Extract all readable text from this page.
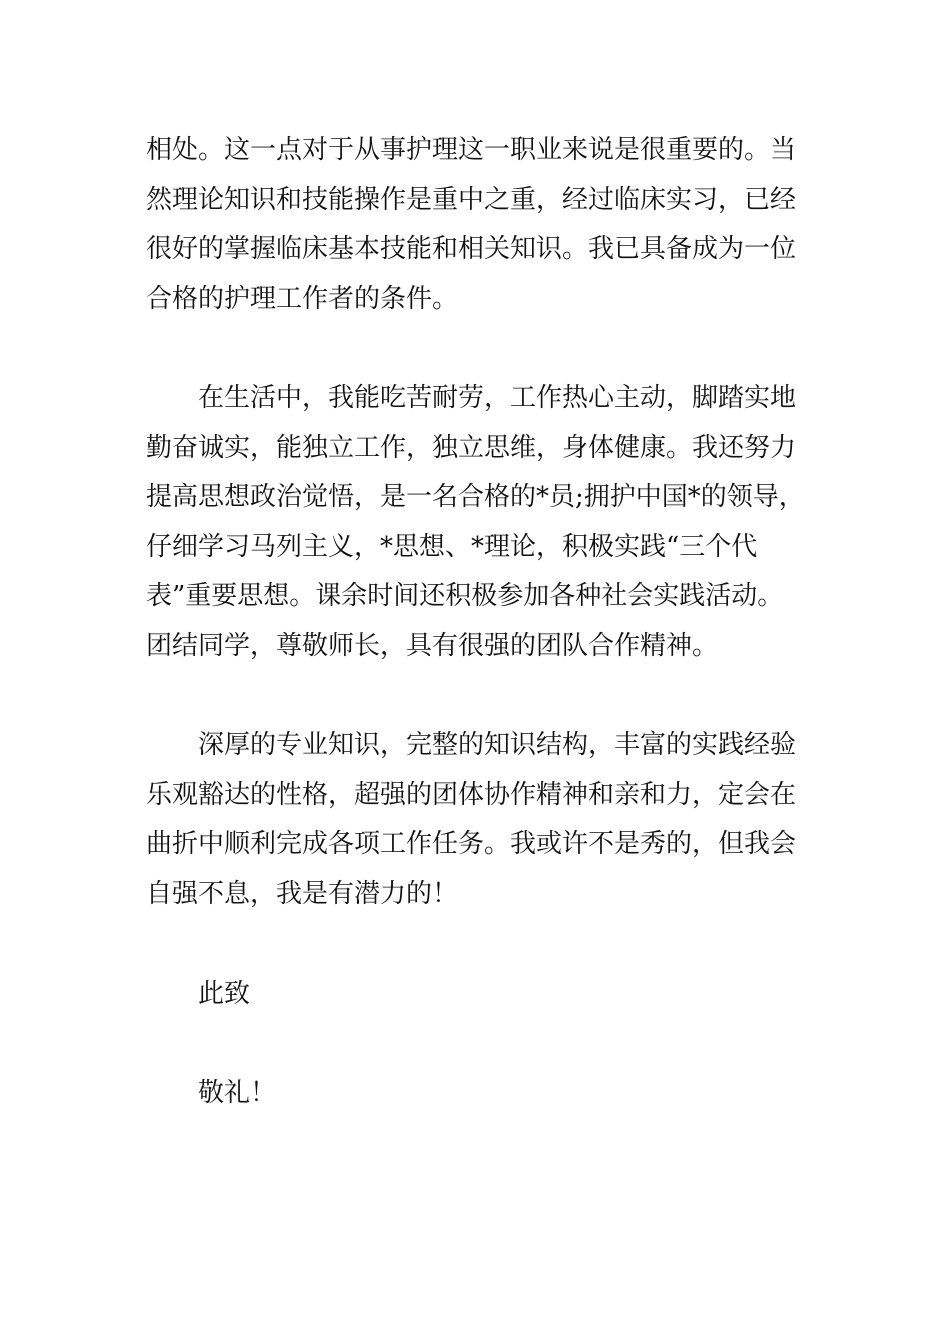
相处。这一点对于从事护理这一职业来说是很重要的。当
然理论知识和技能操作是重中之重，经过临床实习，已经
很好的掌握临床基本技能和相关知识。我已具备成为一位
合格的护理工作者的条件。
在生活中，我能吃苦耐劳，工作热心主动，脚踏实地
勤奋诚实，能独立工作，独立思维，身体健康。我还努力
提高思想政治觉悟，是一名合格的*员;拥护中国*的领导，
仔细学习马列主义，*思想、*理论，积极实践“三个代
表”重要思想。课余时间还积极参加各种社会实践活动。
团结同学，尊敬师长，具有很强的团队合作精神。
深厚的专业知识，完整的知识结构，丰富的实践经验
乐观豁达的性格，超强的团体协作精神和亲和力，定会在
曲折中顺利完成各项工作任务。我或许不是秀的，但我会
自强不息，我是有潜力的！
此致
敬礼！
